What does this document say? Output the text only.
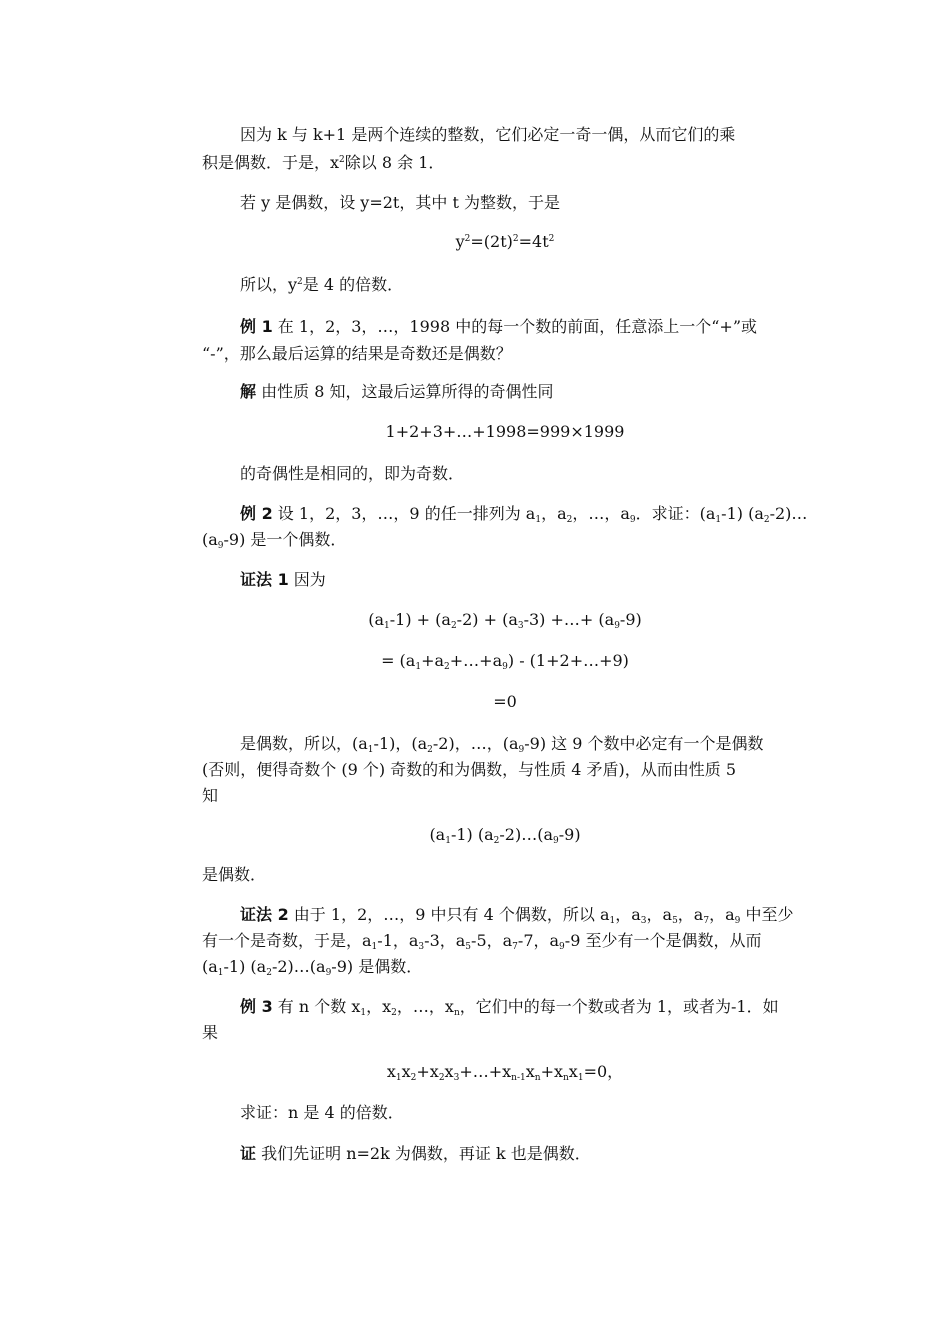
因为 k 与 k+1 是两个连续的整数，它们必定一奇一偶，从而它们的乘
积是偶数．于是，$x^2$除以 8 余 1．
若 y 是偶数，设 y=2t，其中 t 为整数，于是
$y^2=(2t)^2=4t^2$
所以，$y^2$是 4 的倍数．
例 1 在 1，2，3，…，1998 中的每一个数的前面，任意添上一个“+”或
“-”，那么最后运算的结果是奇数还是偶数？
解 由性质 8 知，这最后运算所得的奇偶性同
1+2+3+…+1998=999×1999
的奇偶性是相同的，即为奇数．
例 2 设 1，2，3，…，9 的任一排列为 $a_1$，$a_2$，…，$a_9$．求证：$(a_1-1)$ $(a_2-2)\dots$
$(a_9-9)$ 是一个偶数．
证法 1 因为
$(a_1-1) + (a_2-2) + (a_3-3)$ +…+ $(a_9-9)$
= $(a_1+a_2+\dots+a_9)$ - (1+2+…+9)
=0
是偶数，所以，$(a_1-1)$，$(a_2-2)$，…，$(a_9-9)$ 这 9 个数中必定有一个是偶数
(否则，便得奇数个 (9 个) 奇数的和为偶数，与性质 4 矛盾)，从而由性质 5
知
$(a_1-1)$ $(a_2-2)\dots(a_9-9)$
是偶数．
证法 2 由于 1，2，…，9 中只有 4 个偶数，所以 $a_1$，$a_3$，$a_5$，$a_7$，$a_9$ 中至少
有一个是奇数，于是，$a_1-1$，$a_3-3$，$a_5-5$，$a_7-7$，$a_9-9$ 至少有一个是偶数，从而
$(a_1-1)$ $(a_2-2)\dots(a_9-9)$ 是偶数．
例 3 有 n 个数 $x_1$，$x_2$，…，$x_n$，它们中的每一个数或者为 1，或者为-1．如
果
$x_1x_2+x_2x_3+\dots+x_{n-1}x_n+x_nx_1=0$，
求证：n 是 4 的倍数．
证 我们先证明 n=2k 为偶数，再证 k 也是偶数．
